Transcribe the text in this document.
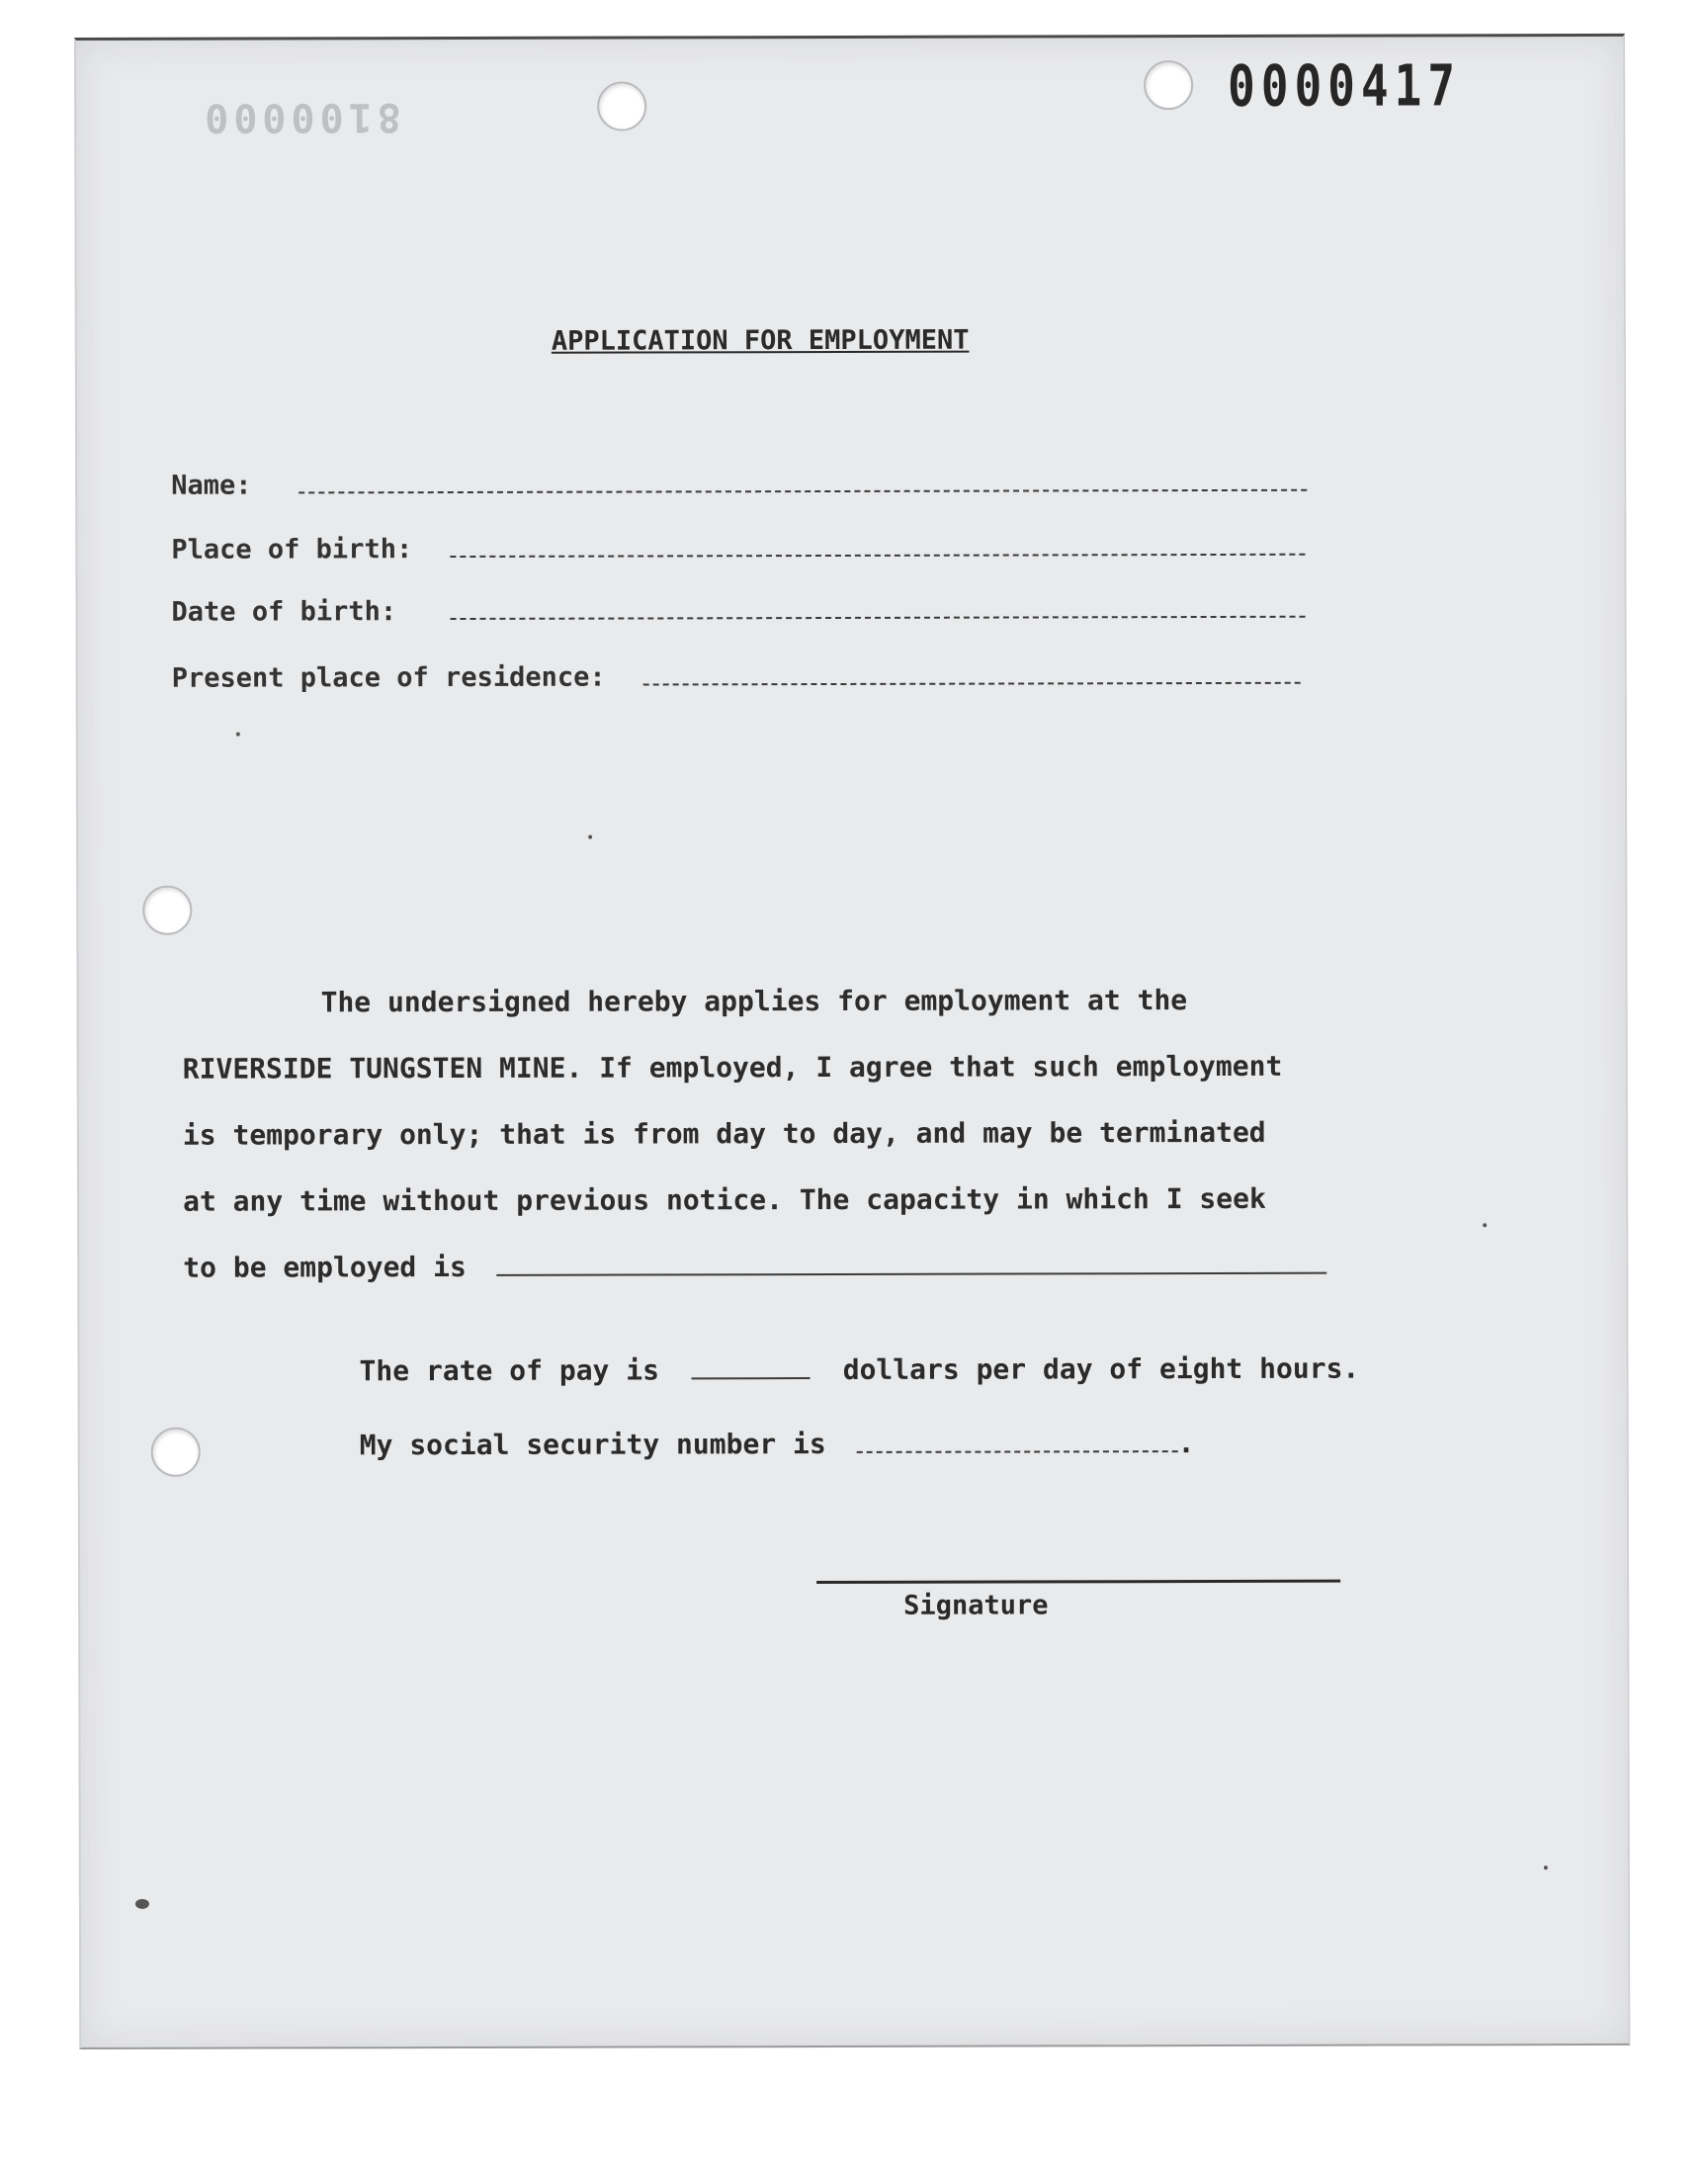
8100000	0000417
APPLICATION FOR EMPLOYMENT
Name:
Place of birth:
Date of birth:
Present place of residence:

The undersigned hereby applies for employment at the

RIVERSIDE TUNGSTEN MINE. If employed, I agree that such employment

is temporary only; that is from day to day, and may be terminated

at any time without previous notice. The capacity in which I seek

to be employed is

The rate of pay is	dollars per day of eight hours.
My social security number is	.
Signature
